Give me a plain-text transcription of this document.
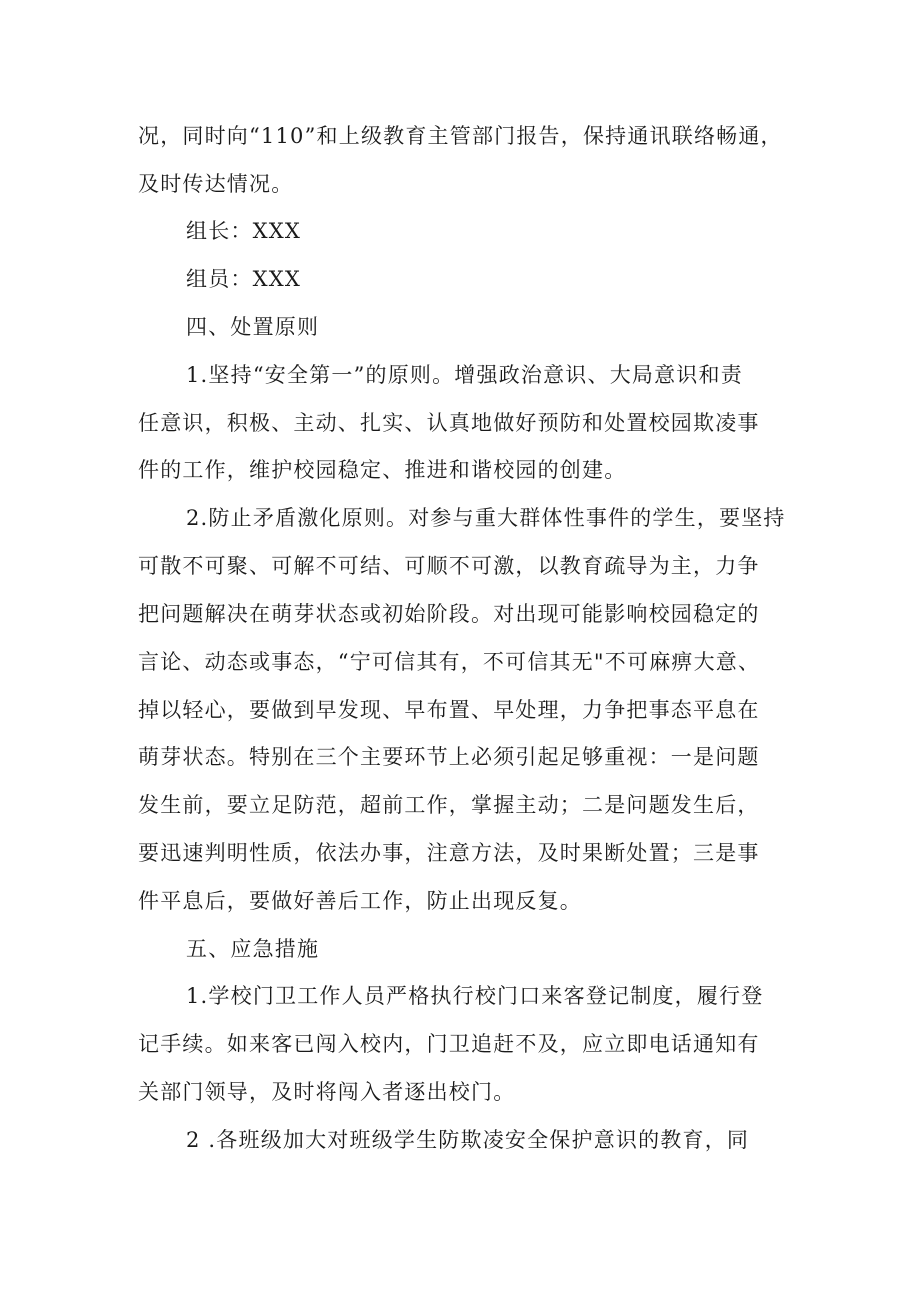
况，同时向“110”和上级教育主管部门报告，保持通讯联络畅通，
及时传达情况。
组长：XXX
组员：XXX
四、处置原则
1.坚持“安全第一”的原则。增强政治意识、大局意识和责
任意识，积极、主动、扎实、认真地做好预防和处置校园欺凌事
件的工作，维护校园稳定、推进和谐校园的创建。
2.防止矛盾激化原则。对参与重大群体性事件的学生，要坚持
可散不可聚、可解不可结、可顺不可激，以教育疏导为主，力争
把问题解决在萌芽状态或初始阶段。对出现可能影响校园稳定的
言论、动态或事态，“宁可信其有，不可信其无"不可麻痹大意、
掉以轻心，要做到早发现、早布置、早处理，力争把事态平息在
萌芽状态。特别在三个主要环节上必须引起足够重视：一是问题
发生前，要立足防范，超前工作，掌握主动；二是问题发生后，
要迅速判明性质，依法办事，注意方法，及时果断处置；三是事
件平息后，要做好善后工作，防止出现反复。
五、应急措施
1.学校门卫工作人员严格执行校门口来客登记制度，履行登
记手续。如来客已闯入校内，门卫追赶不及，应立即电话通知有
关部门领导，及时将闯入者逐出校门。
2 .各班级加大对班级学生防欺凌安全保护意识的教育，同
